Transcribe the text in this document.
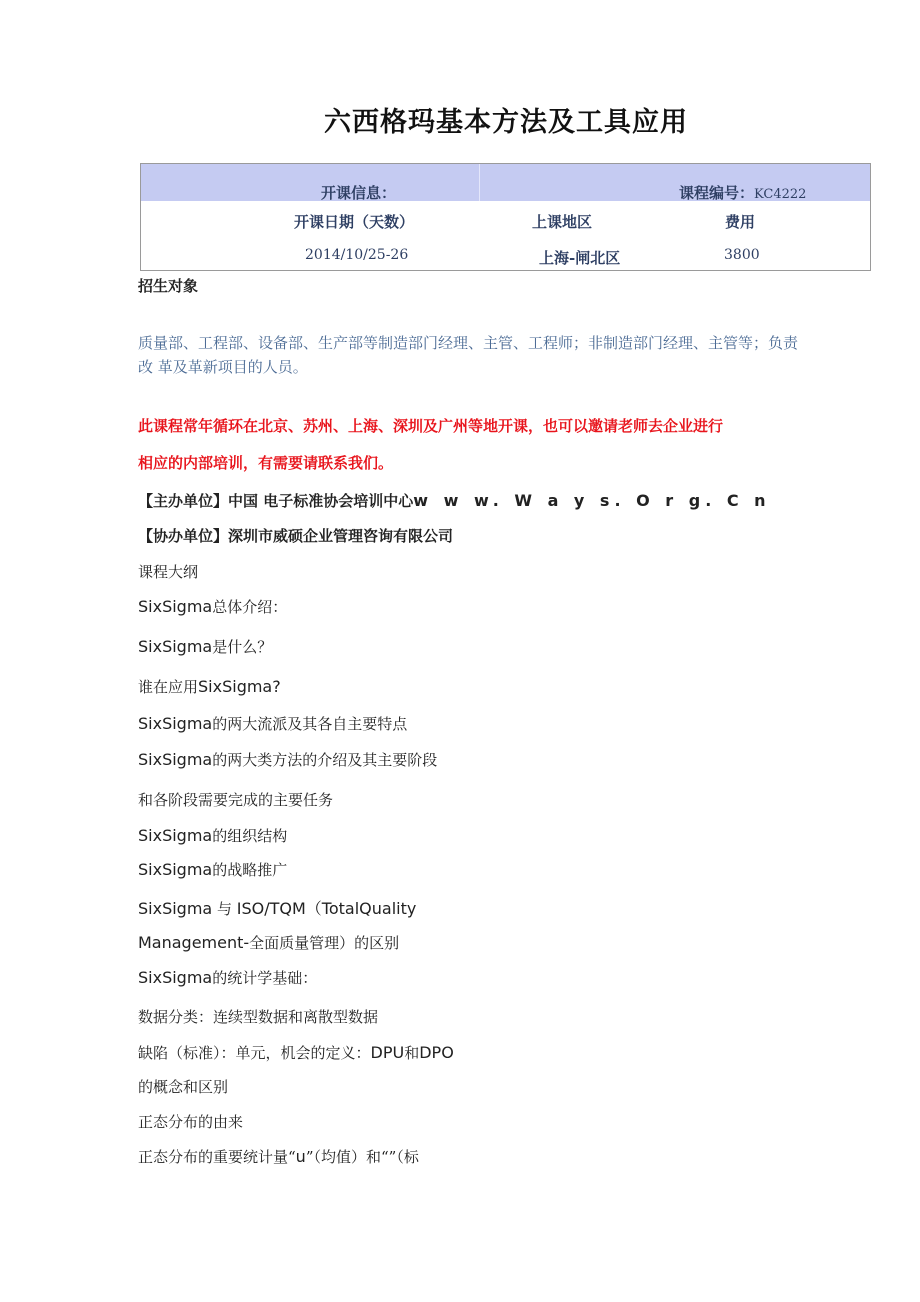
六西格玛基本方法及工具应用
开课信息：	课程编号：KC4222
开课日期（天数）	上课地区	费用
2014/10/25-26	上海-闸北区	3800
招生对象
质量部、工程部、设备部、生产部等制造部门经理、主管、工程师；非制造部门经理、主管等；负责
改 革及革新项目的人员。
此课程常年循环在北京、苏州、上海、深圳及广州等地开课，也可以邀请老师去企业进行
相应的内部培训，有需要请联系我们。
【主办单位】中国 电子标准协会培训中心w w w. W a y s. O r g. C n
【协办单位】深圳市威硕企业管理咨询有限公司
课程大纲
SixSigma总体介绍：
SixSigma是什么？
谁在应用SixSigma?
SixSigma的两大流派及其各自主要特点
SixSigma的两大类方法的介绍及其主要阶段
和各阶段需要完成的主要任务
SixSigma的组织结构
SixSigma的战略推广
SixSigma 与 ISO/TQM（TotalQuality
Management-全面质量管理）的区别
SixSigma的统计学基础：
数据分类：连续型数据和离散型数据
缺陷（标准）：单元，机会的定义：DPU和DPO
的概念和区别
正态分布的由来
正态分布的重要统计量“u”（均值）和“”（标
